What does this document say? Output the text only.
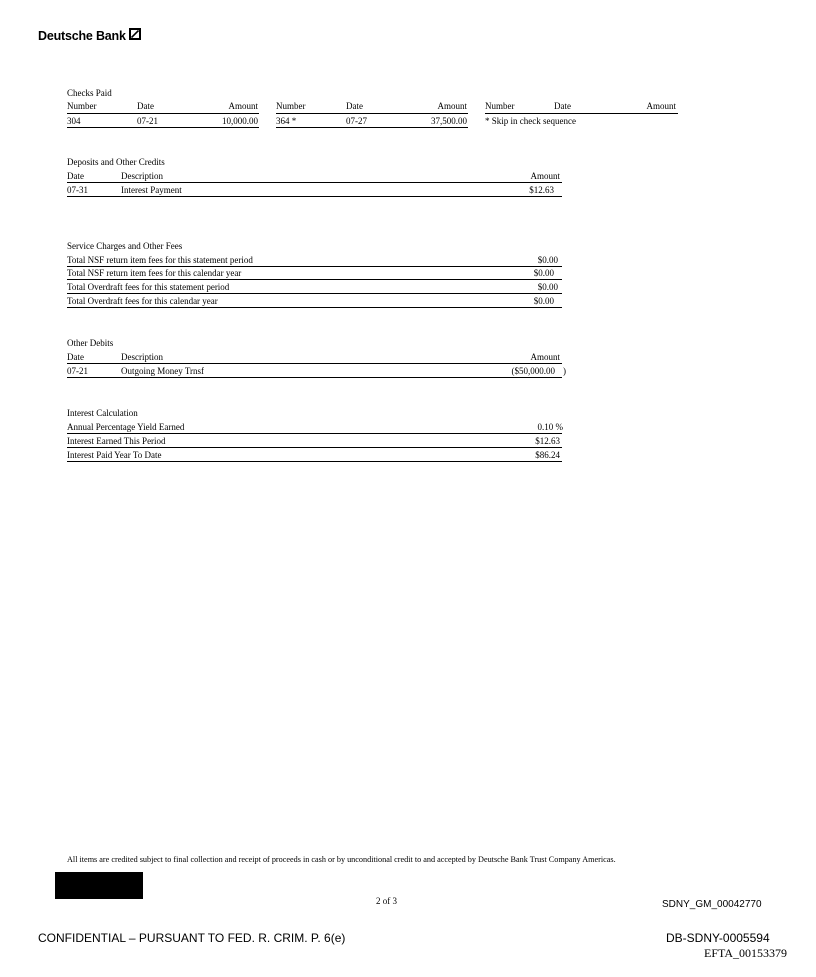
Deutsche Bank
Checks Paid
Number	Date	Amount Number	Date	Amount Number	Date	Amount
304	07-21	10,000.00 364 *	07-27	37,500.00 * Skip in check sequence
Deposits and Other Credits
Date	Description	Amount
07-31	Interest Payment	$12.63
Service Charges and Other Fees
Total NSF return item fees for this statement period	$0.00
Total NSF return item fees for this calendar year	$0.00
Total Overdraft fees for this statement period	$0.00
Total Overdraft fees for this calendar year	$0.00
Other Debits
Date	Description	Amount
07-21	Outgoing Money Trnsf	($50,000.00 )
Interest Calculation
Annual Percentage Yield Earned	0.10 %
Interest Earned This Period	$12.63
Interest Paid Year To Date	$86.24
All items are credited subject to final collection and receipt of proceeds in cash or by unconditional credit to and accepted by Deutsche Bank Trust Company Americas.
2 of 3	SDNY_GM_00042770
CONFIDENTIAL – PURSUANT TO FED. R. CRIM. P. 6(e)	DB-SDNY-0005594
EFTA_00153379
